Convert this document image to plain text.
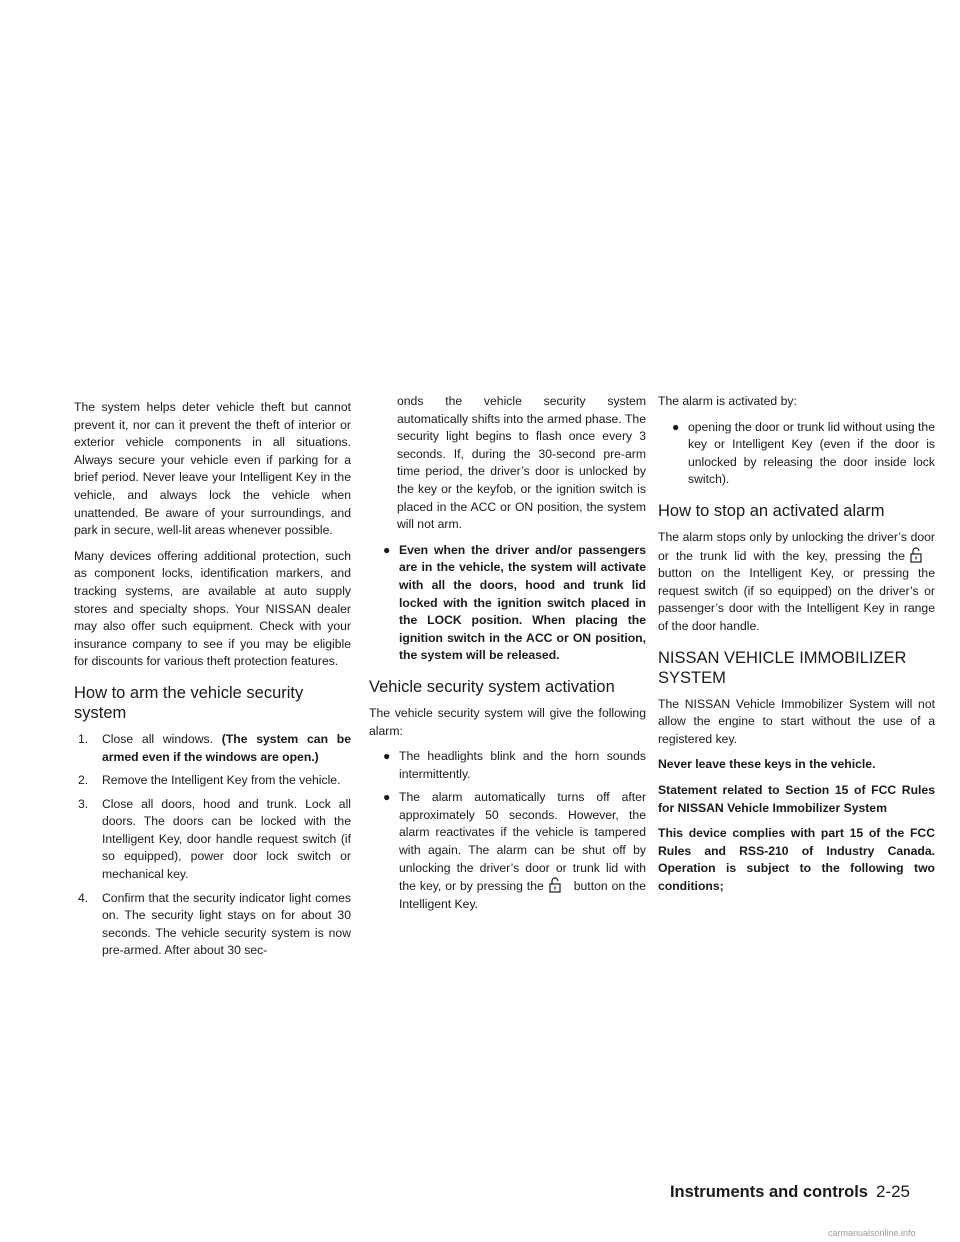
The system helps deter vehicle theft but cannot prevent it, nor can it prevent the theft of interior or exterior vehicle components in all situations. Always secure your vehicle even if parking for a brief period. Never leave your Intelligent Key in the vehicle, and always lock the vehicle when unattended. Be aware of your surroundings, and park in secure, well-lit areas whenever possible.

Many devices offering additional protection, such as component locks, identification markers, and tracking systems, are available at auto supply stores and specialty shops. Your NISSAN dealer may also offer such equipment. Check with your insurance company to see if you may be eligible for discounts for various theft protection features.

How to arm the vehicle security system
1. Close all windows. (The system can be armed even if the windows are open.)
2. Remove the Intelligent Key from the vehicle.
3. Close all doors, hood and trunk. Lock all doors. The doors can be locked with the Intelligent Key, door handle request switch (if so equipped), power door lock switch or mechanical key.
4. Confirm that the security indicator light comes on. The security light stays on for about 30 seconds. The vehicle security system is now pre-armed. After about 30 sec-

onds the vehicle security system automatically shifts into the armed phase. The security light begins to flash once every 3 seconds. If, during the 30-second pre-arm time period, the driver’s door is unlocked by the key or the keyfob, or the ignition switch is placed in the ACC or ON position, the system will not arm.

● Even when the driver and/or passengers are in the vehicle, the system will activate with all the doors, hood and trunk lid locked with the ignition switch placed in the LOCK position. When placing the ignition switch in the ACC or ON position, the system will be released.
Vehicle security system activation

The vehicle security system will give the following alarm:

● The headlights blink and the horn sounds intermittently.
● The alarm automatically turns off after approximately 50 seconds. However, the alarm reactivates if the vehicle is tampered with again. The alarm can be shut off by unlocking the driver’s door or trunk lid with the key, or by pressing the button on the Intelligent Key.

The alarm is activated by:

● opening the door or trunk lid without using the key or Intelligent Key (even if the door is unlocked by releasing the door inside lock switch).
How to stop an activated alarm

The alarm stops only by unlocking the driver’s door or the trunk lid with the key, pressing thebutton on the Intelligent Key, or pressing the request switch (if so equipped) on the driver’s or passenger’s door with the Intelligent Key in range of the door handle.

NISSAN VEHICLE IMMOBILIZER SYSTEM

The NISSAN Vehicle Immobilizer System will not allow the engine to start without the use of a registered key.

Never leave these keys in the vehicle.

Statement related to Section 15 of FCC Rules for NISSAN Vehicle Immobilizer System

This device complies with part 15 of the FCC Rules and RSS-210 of Industry Canada. Operation is subject to the following two conditions;

Instruments and controls 2-25
carmanualsonline.info
